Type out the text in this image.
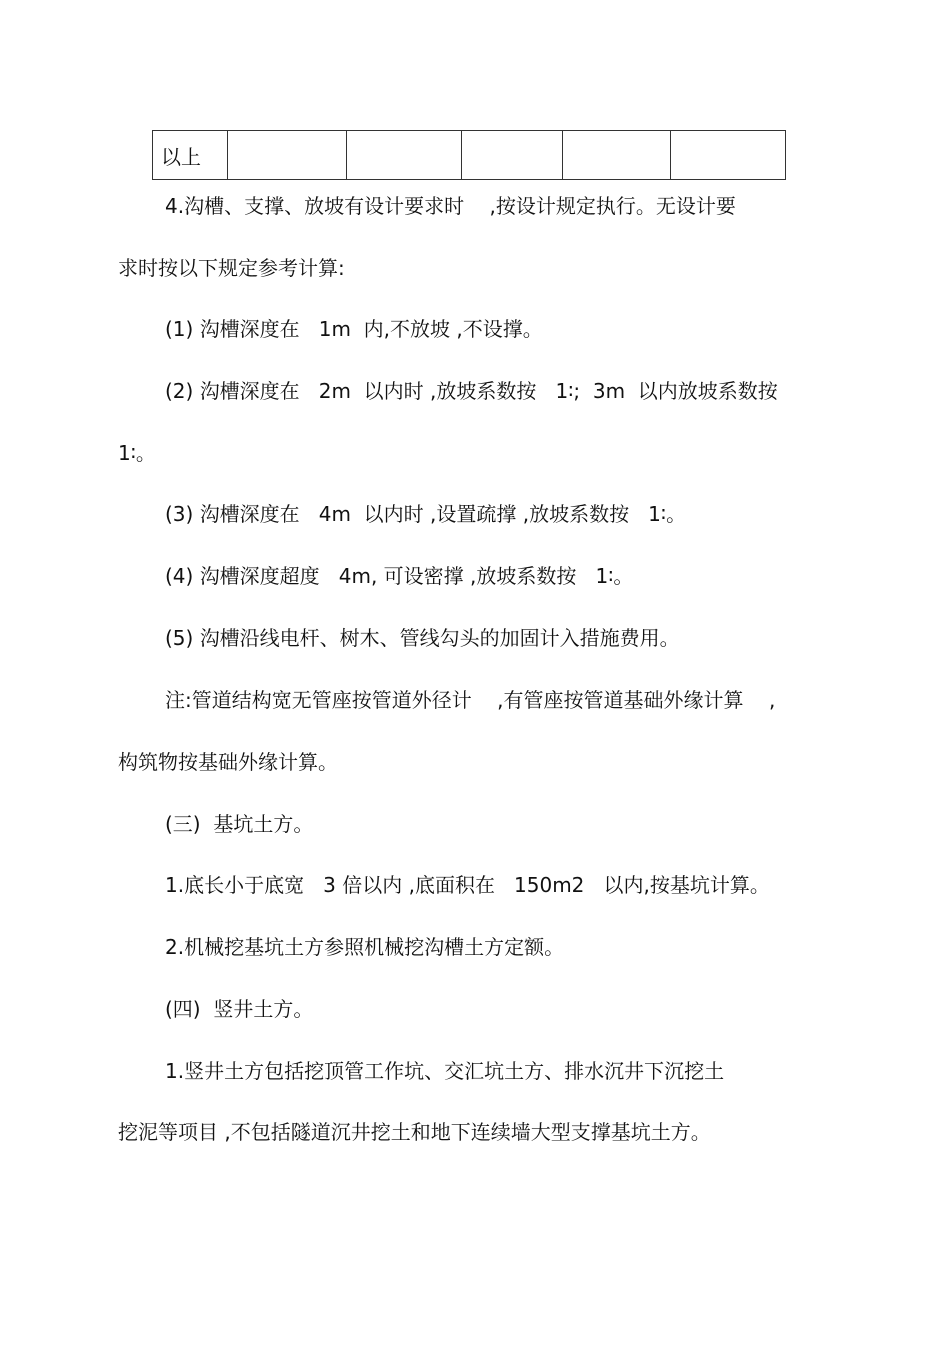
以上

4.沟槽、支撑、放坡有设计要求时    ,按设计规定执行。无设计要

求时按以下规定参考计算:

(1) 沟槽深度在   1m  内,不放坡 ,不设撑。

(2) 沟槽深度在   2m  以内时 ,放坡系数按   1∶;  3m  以内放坡系数按

1∶。

(3) 沟槽深度在   4m  以内时 ,设置疏撑 ,放坡系数按   1∶。

(4) 沟槽深度超度   4m, 可设密撑 ,放坡系数按   1∶。

(5) 沟槽沿线电杆、树木、管线勾头的加固计入措施费用。

注:管道结构宽无管座按管道外径计    ,有管座按管道基础外缘计算    ,

构筑物按基础外缘计算。

(三)  基坑土方。

1.底长小于底宽   3 倍以内 ,底面积在   150m2   以内,按基坑计算。

2.机械挖基坑土方参照机械挖沟槽土方定额。

(四)  竖井土方。

1.竖井土方包括挖顶管工作坑、交汇坑土方、排水沉井下沉挖土

挖泥等项目 ,不包括隧道沉井挖土和地下连续墙大型支撑基坑土方。
